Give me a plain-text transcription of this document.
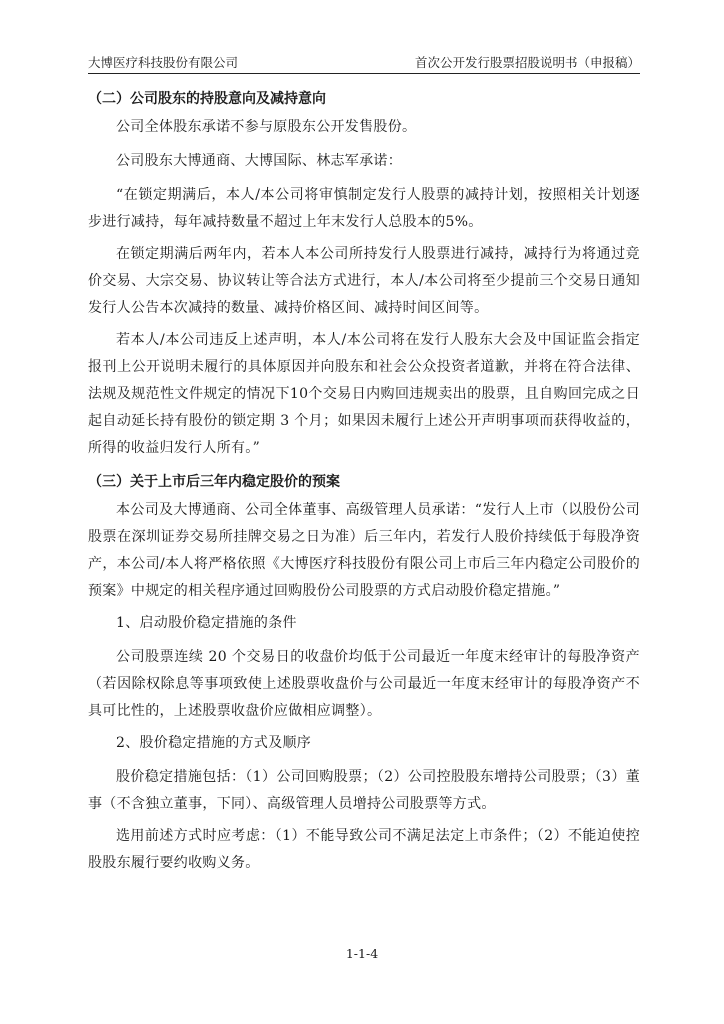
大博医疗科技股份有限公司	首次公开发行股票招股说明书（申报稿）

（二）公司股东的持股意向及减持意向

公司全体股东承诺不参与原股东公开发售股份。

公司股东大博通商、大博国际、林志军承诺：

“在锁定期满后，本人/本公司将审慎制定发行人股票的减持计划，按照相关计划逐步进行减持，每年减持数量不超过上年末发行人总股本的5%。

在锁定期满后两年内，若本人本公司所持发行人股票进行减持，减持行为将通过竞价交易、大宗交易、协议转让等合法方式进行，本人/本公司将至少提前三个交易日通知发行人公告本次减持的数量、减持价格区间、减持时间区间等。

若本人/本公司违反上述声明，本人/本公司将在发行人股东大会及中国证监会指定报刊上公开说明未履行的具体原因并向股东和社会公众投资者道歉，并将在符合法律、法规及规范性文件规定的情况下10个交易日内购回违规卖出的股票，且自购回完成之日起自动延长持有股份的锁定期 3 个月；如果因未履行上述公开声明事项而获得收益的，所得的收益归发行人所有。”

（三）关于上市后三年内稳定股价的预案

本公司及大博通商、公司全体董事、高级管理人员承诺：“发行人上市（以股份公司股票在深圳证券交易所挂牌交易之日为准）后三年内，若发行人股价持续低于每股净资产，本公司/本人将严格依照《大博医疗科技股份有限公司上市后三年内稳定公司股价的预案》中规定的相关程序通过回购股份公司股票的方式启动股价稳定措施。”

1、启动股价稳定措施的条件

公司股票连续 20 个交易日的收盘价均低于公司最近一年度末经审计的每股净资产（若因除权除息等事项致使上述股票收盘价与公司最近一年度末经审计的每股净资产不具可比性的，上述股票收盘价应做相应调整）。

2、股价稳定措施的方式及顺序

股价稳定措施包括：（1）公司回购股票；（2）公司控股股东增持公司股票；（3）董事（不含独立董事，下同）、高级管理人员增持公司股票等方式。

选用前述方式时应考虑：（1）不能导致公司不满足法定上市条件；（2）不能迫使控股股东履行要约收购义务。

1-1-4
